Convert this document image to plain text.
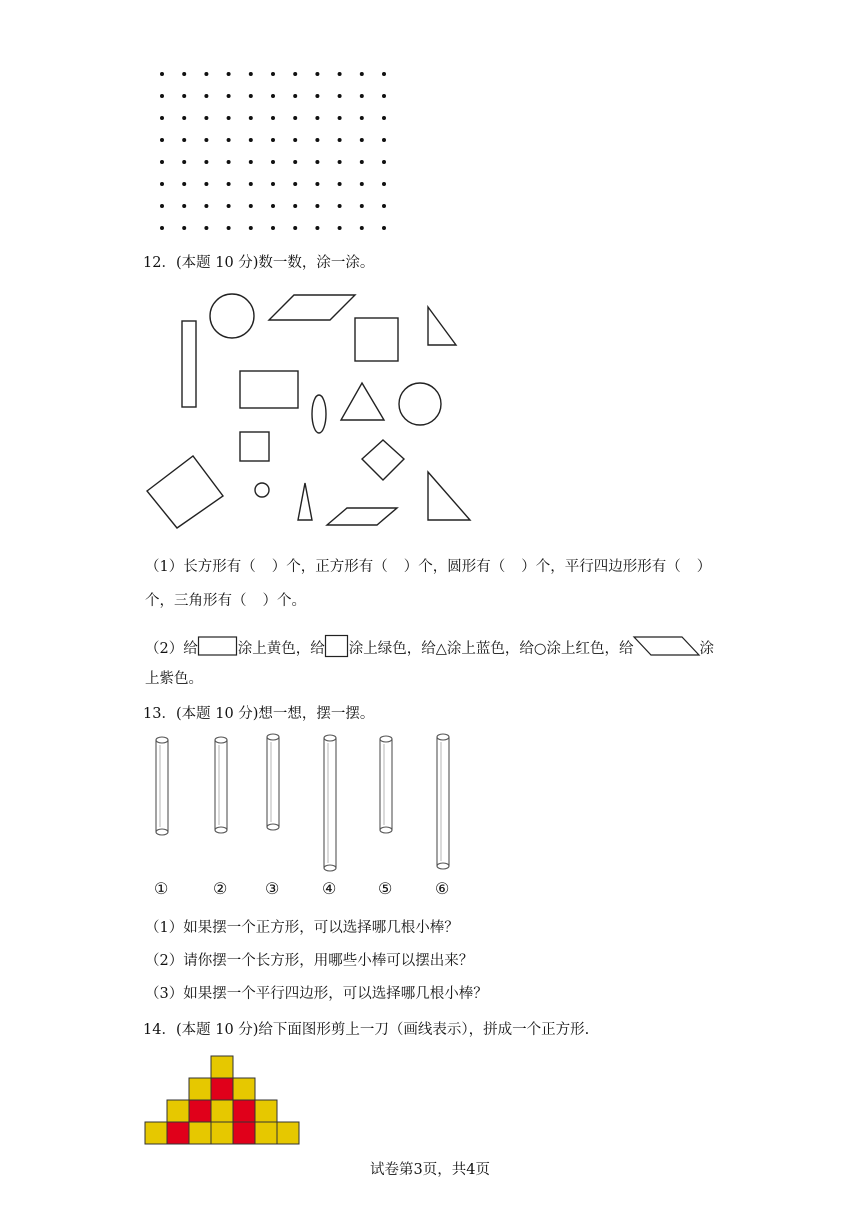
12．(本题 10 分)数一数，涂一涂。
（1）长方形有（ ）个，正方形有（ ）个，圆形有（ ）个，平行四边形形有（ ）
个，三角形有（ ）个。
（2）给	涂上黄色，给 涂上绿色，给△涂上蓝色，给○涂上红色，给	涂
上紫色。
13．(本题 10 分)想一想，摆一摆。
①	② ③	④	⑤	⑥
（1）如果摆一个正方形，可以选择哪几根小棒？
（2）请你摆一个长方形，用哪些小棒可以摆出来？
（3）如果摆一个平行四边形，可以选择哪几根小棒？
14．(本题 10 分)给下面图形剪上一刀（画线表示），拼成一个正方形.
试卷第3页，共4页
